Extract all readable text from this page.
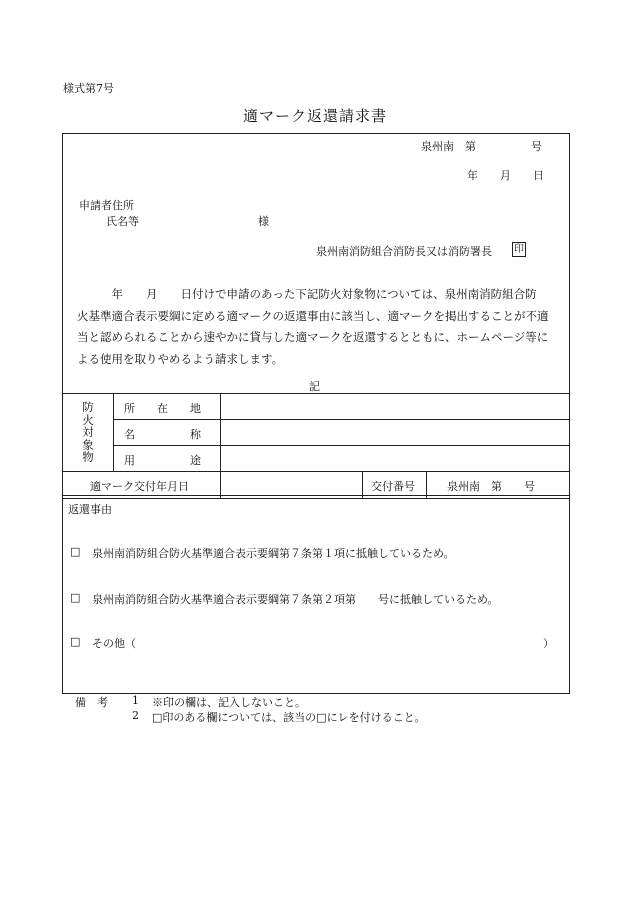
様式第7号
適マーク返還請求書
泉州南　第　　　　　号
年　　月　　日
申請者住所
氏名等	様
泉州南消防組合消防長又は消防署長 印
　　　年　　月　　日付けで申請のあった下記防火対象物については、泉州南消防組合防
火基準適合表示要綱に定める適マークの返還事由に該当し、適マークを掲出することが不適
当と認められることから速やかに貸与した適マークを返還するとともに、ホームページ等に
よる使用を取りやめるよう請求します。
記
防火対象物
所　　在　　地
名　　　　　称
用　　　　　途
適マーク交付年月日	交付番号	泉州南　第　　号
返還事由
□ 泉州南消防組合防火基準適合表示要綱第７条第１項に抵触しているため。
□ 泉州南消防組合防火基準適合表示要綱第７条第２項第　　号に抵触しているため。
□ その他（　　　　　　　　　　　　　　　　　　　　　　　　　　　　　　　　　　　　　）
備　考 1 ※印の欄は、記入しないこと。
2 □印のある欄については、該当の□にレを付けること。
